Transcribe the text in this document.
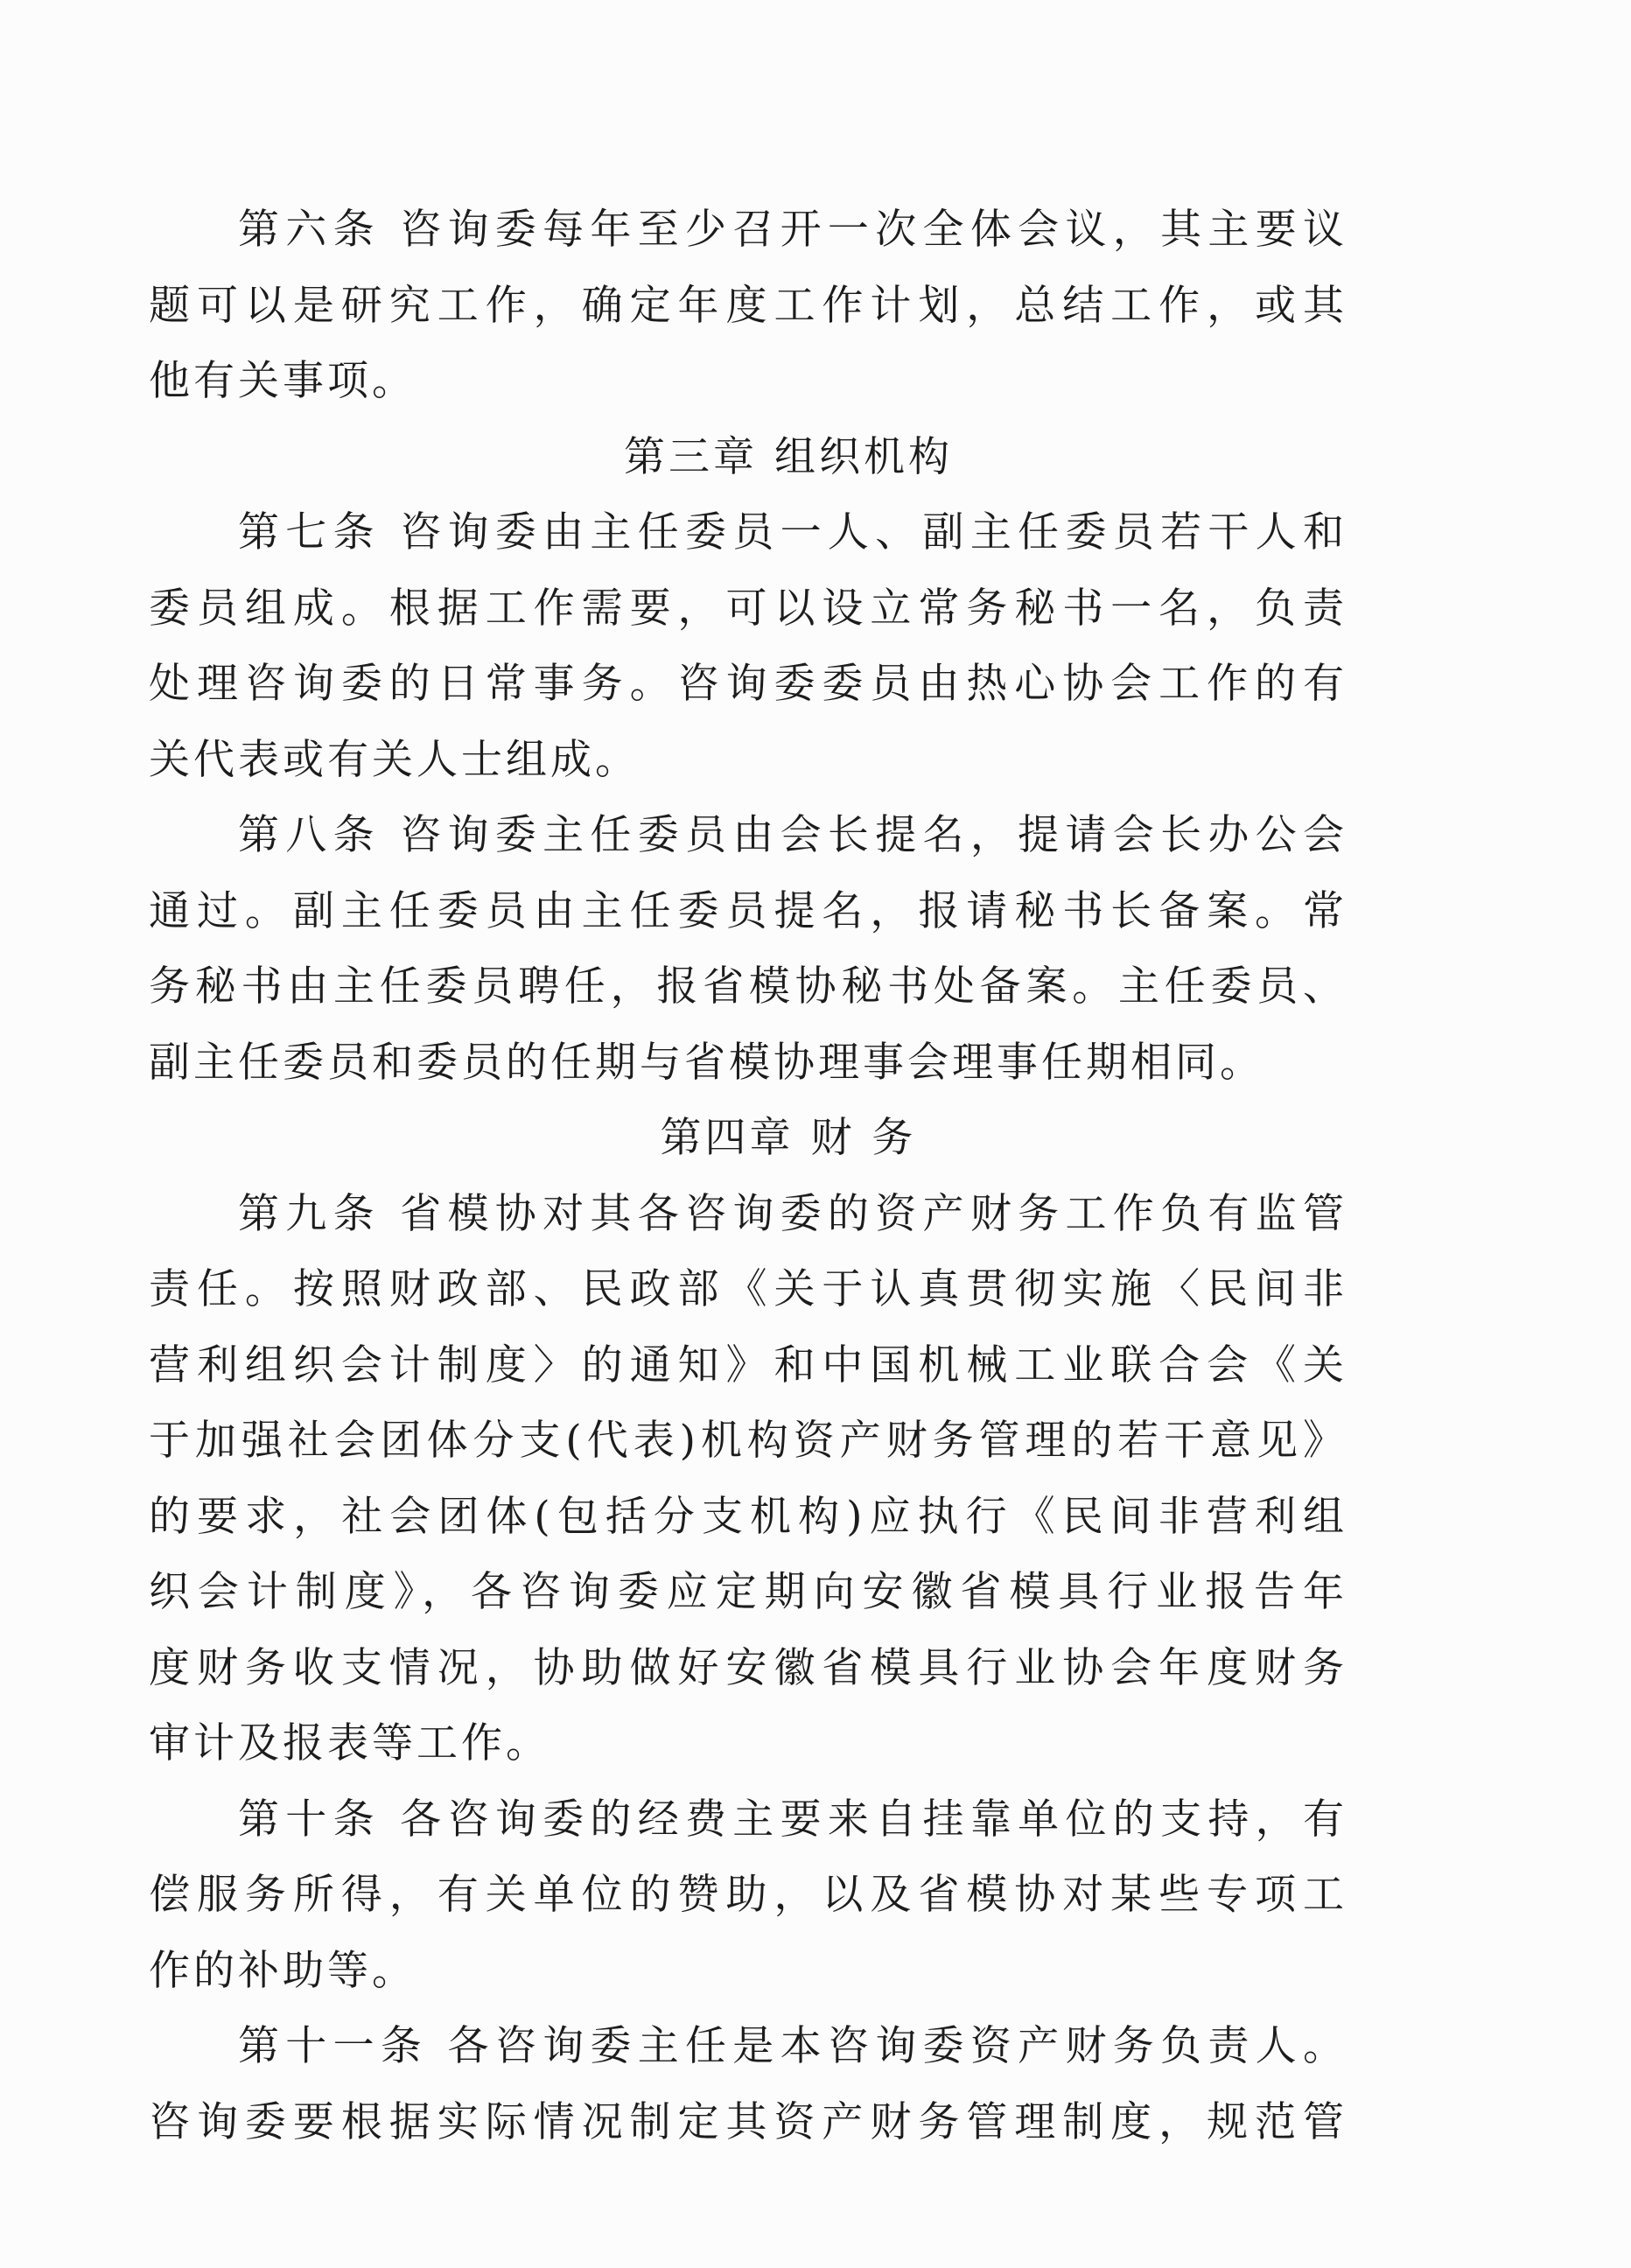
第六条 咨询委每年至少召开一次全体会议，其主要议
题可以是研究工作，确定年度工作计划，总结工作，或其
他有关事项。
第三章 组织机构
第七条 咨询委由主任委员一人、副主任委员若干人和
委员组成。根据工作需要，可以设立常务秘书一名，负责
处理咨询委的日常事务。咨询委委员由热心协会工作的有
关代表或有关人士组成。
第八条 咨询委主任委员由会长提名，提请会长办公会
通过。副主任委员由主任委员提名，报请秘书长备案。常
务秘书由主任委员聘任，报省模协秘书处备案。主任委员、
副主任委员和委员的任期与省模协理事会理事任期相同。
第四章 财 务
第九条 省模协对其各咨询委的资产财务工作负有监管
责任。按照财政部、民政部《关于认真贯彻实施〈民间非
营利组织会计制度〉的通知》和中国机械工业联合会《关
于加强社会团体分支(代表)机构资产财务管理的若干意见》
的要求，社会团体(包括分支机构)应执行《民间非营利组
织会计制度》，各咨询委应定期向安徽省模具行业报告年
度财务收支情况，协助做好安徽省模具行业协会年度财务
审计及报表等工作。
第十条 各咨询委的经费主要来自挂靠单位的支持，有
偿服务所得，有关单位的赞助，以及省模协对某些专项工
作的补助等。
第十一条 各咨询委主任是本咨询委资产财务负责人。
咨询委要根据实际情况制定其资产财务管理制度，规范管
